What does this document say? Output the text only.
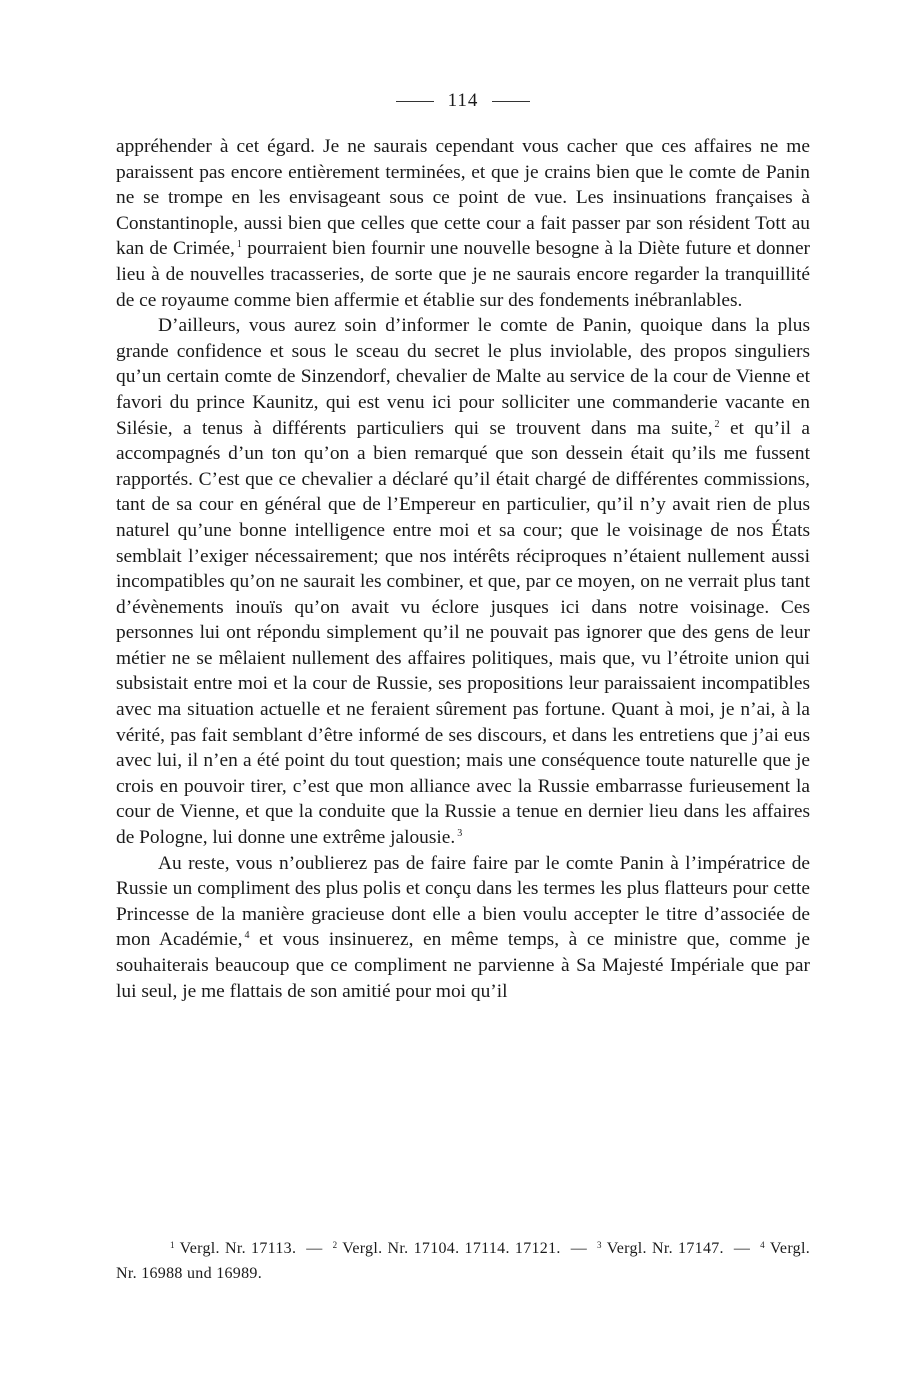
114

appréhender à cet égard. Je ne saurais cependant vous cacher que ces affaires ne me paraissent pas encore entièrement terminées, et que je crains bien que le comte de Panin ne se trompe en les envisageant sous ce point de vue. Les insinuations françaises à Constantinople, aussi bien que celles que cette cour a fait passer par son résident Tott au kan de Crimée, $^1$ pourraient bien fournir une nouvelle besogne à la Diète future et donner lieu à de nouvelles tracasseries, de sorte que je ne saurais encore regarder la tranquillité de ce royaume comme bien affermie et établie sur des fondements inébranlables.

D’ailleurs, vous aurez soin d’informer le comte de Panin, quoique dans la plus grande confidence et sous le sceau du secret le plus inviolable, des propos singuliers qu’un certain comte de Sinzendorf, chevalier de Malte au service de la cour de Vienne et favori du prince Kaunitz, qui est venu ici pour solliciter une commanderie vacante en Silésie, a tenus à différents particuliers qui se trouvent dans ma suite, $^2$ et qu’il a accompagnés d’un ton qu’on a bien remarqué que son dessein était qu’ils me fussent rapportés. C’est que ce chevalier a déclaré qu’il était chargé de différentes commissions, tant de sa cour en général que de l’Empereur en particulier, qu’il n’y avait rien de plus naturel qu’une bonne intelligence entre moi et sa cour; que le voisinage de nos États semblait l’exiger nécessairement; que nos intérêts réciproques n’étaient nullement aussi incompatibles qu’on ne saurait les combiner, et que, par ce moyen, on ne verrait plus tant d’évènements inouïs qu’on avait vu éclore jusques ici dans notre voisinage. Ces personnes lui ont répondu simplement qu’il ne pouvait pas ignorer que des gens de leur métier ne se mêlaient nullement des affaires politiques, mais que, vu l’étroite union qui subsistait entre moi et la cour de Russie, ses propositions leur paraissaient incompatibles avec ma situation actuelle et ne feraient sûrement pas fortune. Quant à moi, je n’ai, à la vérité, pas fait semblant d’être informé de ses discours, et dans les entretiens que j’ai eus avec lui, il n’en a été point du tout question; mais une conséquence toute naturelle que je crois en pouvoir tirer, c’est que mon alliance avec la Russie embarrasse furieusement la cour de Vienne, et que la conduite que la Russie a tenue en dernier lieu dans les affaires de Pologne, lui donne une extrême jalousie. $^3$

Au reste, vous n’oublierez pas de faire faire par le comte Panin à l’impératrice de Russie un compliment des plus polis et conçu dans les termes les plus flatteurs pour cette Princesse de la manière gracieuse dont elle a bien voulu accepter le titre d’associée de mon Académie, $^4$ et vous insinuerez, en même temps, à ce ministre que, comme je souhaiterais beaucoup que ce compliment ne parvienne à Sa Majesté Impériale que par lui seul, je me flattais de son amitié pour moi qu’il

$^1$ Vergl. Nr. 17113. — $^2$ Vergl. Nr. 17104. 17114. 17121. — $^3$ Vergl. Nr. 17147. — $^4$ Vergl. Nr. 16988 und 16989.
